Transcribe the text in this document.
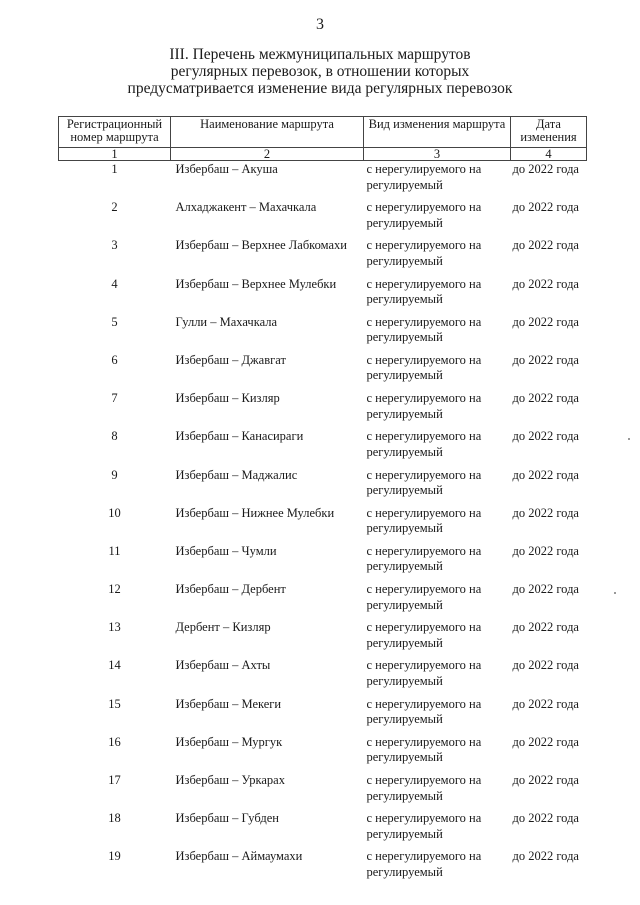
3
III. Перечень межмуниципальных маршрутов
регулярных перевозок, в отношении которых
предусматривается изменение вида регулярных перевозок
Регистрационный номер маршрута	Наименование маршрута	Вид изменения маршрута	Дата изменения
1	2	3	4
1	Избербаш – Акуша	с нерегулируемого на регулируемый	до 2022 года
2	Алхаджакент – Махачкала	с нерегулируемого на регулируемый	до 2022 года
3	Избербаш – Верхнее Лабкомахи	с нерегулируемого на регулируемый	до 2022 года
4	Избербаш – Верхнее Мулебки	с нерегулируемого на регулируемый	до 2022 года
5	Гулли – Махачкала	с нерегулируемого на регулируемый	до 2022 года
6	Избербаш – Джавгат	с нерегулируемого на регулируемый	до 2022 года
7	Избербаш – Кизляр	с нерегулируемого на регулируемый	до 2022 года
8	Избербаш – Канасираги	с нерегулируемого на регулируемый	до 2022 года
9	Избербаш – Маджалис	с нерегулируемого на регулируемый	до 2022 года
10	Избербаш – Нижнее Мулебки	с нерегулируемого на регулируемый	до 2022 года
11	Избербаш – Чумли	с нерегулируемого на регулируемый	до 2022 года
12	Избербаш – Дербент	с нерегулируемого на регулируемый	до 2022 года
13	Дербент – Кизляр	с нерегулируемого на регулируемый	до 2022 года
14	Избербаш – Ахты	с нерегулируемого на регулируемый	до 2022 года
15	Избербаш – Мекеги	с нерегулируемого на регулируемый	до 2022 года
16	Избербаш – Мургук	с нерегулируемого на регулируемый	до 2022 года
17	Избербаш – Уркарах	с нерегулируемого на регулируемый	до 2022 года
18	Избербаш – Губден	с нерегулируемого на регулируемый	до 2022 года
19	Избербаш – Аймаумахи	с нерегулируемого на регулируемый	до 2022 года
